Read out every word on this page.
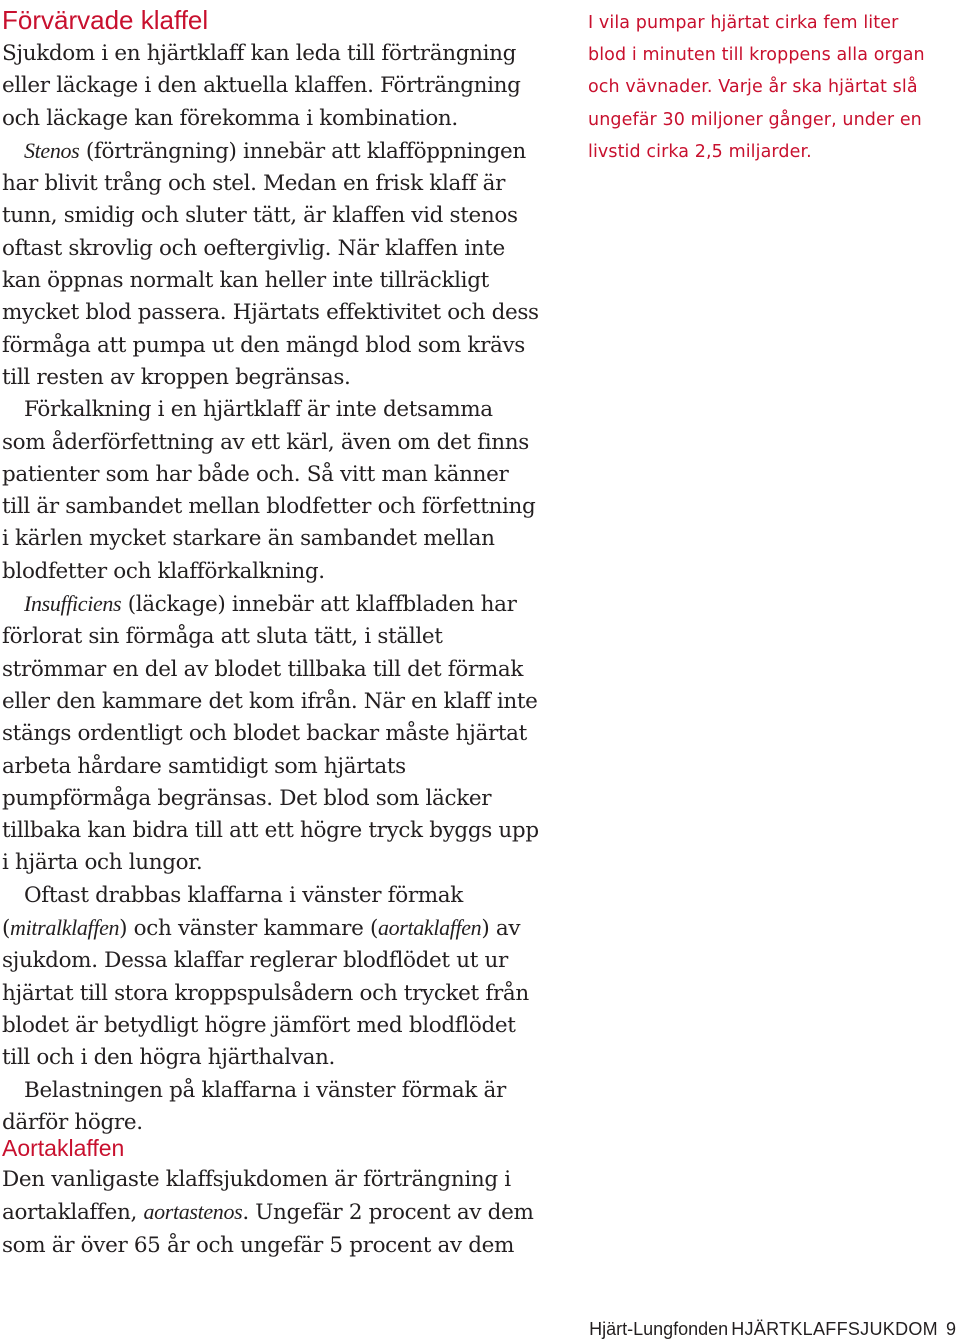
Förvärvade klaffel

Sjukdom i en hjärtklaff kan leda till förträngning eller läckage i den aktuella klaffen. Förträngning och läckage kan förekomma i kombination.

Stenos (förträngning) innebär att klafföppningen har blivit trång och stel. Medan en frisk klaff är tunn, smidig och sluter tätt, är klaffen vid stenos oftast skrovlig och oeftergivlig. När klaffen inte kan öppnas normalt kan heller inte tillräckligt mycket blod passera. Hjärtats effektivitet och dess förmåga att pumpa ut den mängd blod som krävs till resten av kroppen begränsas.

Förkalkning i en hjärtklaff är inte detsamma som åderförfettning av ett kärl, även om det finns patienter som har både och. Så vitt man känner till är sambandet mellan blodfetter och förfettning i kärlen mycket starkare än sambandet mellan blodfetter och klafförkalkning.

Insufficiens (läckage) innebär att klaffbladen har förlorat sin förmåga att sluta tätt, i stället strömmar en del av blodet tillbaka till det förmak eller den kammare det kom ifrån. När en klaff inte stängs ordentligt och blodet backar måste hjärtat arbeta hårdare samtidigt som hjärtats pumpförmåga begränsas. Det blod som läcker tillbaka kan bidra till att ett högre tryck byggs upp i hjärta och lungor.

Oftast drabbas klaffarna i vänster förmak (mitralklaffen) och vänster kammare (aortaklaffen) av sjukdom. Dessa klaffar reglerar blodflödet ut ur hjärtat till stora kroppspulsådern och trycket från blodet är betydligt högre jämfört med blodflödet till och i den högra hjärthalvan.

Belastningen på klaffarna i vänster förmak är därför högre.

Aortaklaffen

Den vanligaste klaffsjukdomen är förträngning i aortaklaffen, aortastenos. Ungefär 2 procent av dem som är över 65 år och ungefär 5 procent av dem

I vila pumpar hjärtat cirka fem liter blod i minuten till kroppens alla organ och vävnader. Varje år ska hjärtat slå ungefär 30 miljoner gånger, under en livstid cirka 2,5 miljarder.

Hjärt-Lungfonden HJÄRTKLAFFSJUKDOM 9
